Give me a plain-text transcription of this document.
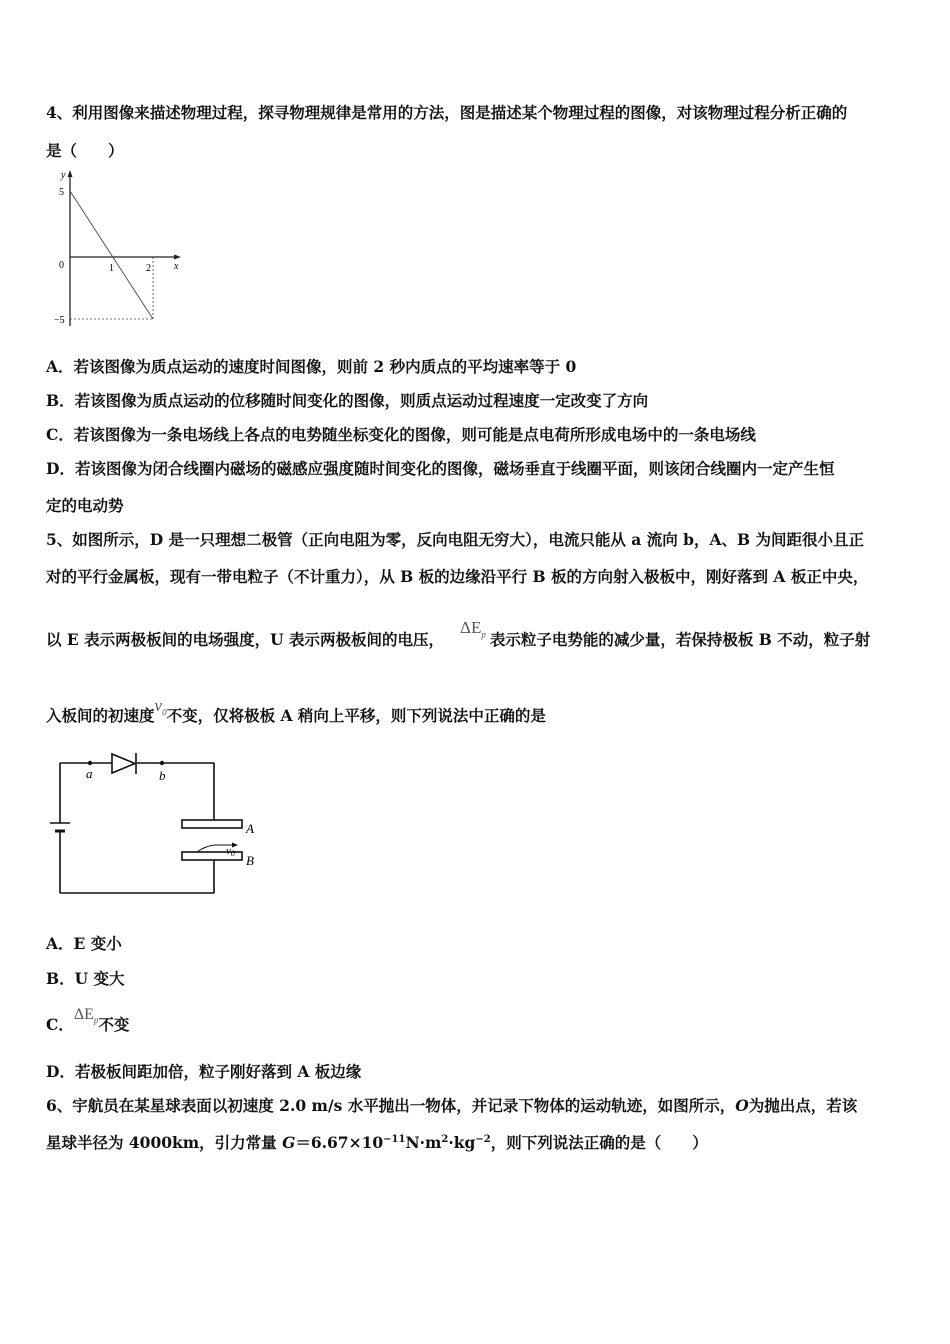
4、利用图像来描述物理过程，探寻物理规律是常用的方法，图是描述某个物理过程的图像，对该物理过程分析正确的
是（　　）
y
x
5
0	1	2
−5
A．若该图像为质点运动的速度时间图像，则前 2 秒内质点的平均速率等于 0
B．若该图像为质点运动的位移随时间变化的图像，则质点运动过程速度一定改变了方向
C．若该图像为一条电场线上各点的电势随坐标变化的图像，则可能是点电荷所形成电场中的一条电场线
D．若该图像为闭合线圈内磁场的磁感应强度随时间变化的图像，磁场垂直于线圈平面，则该闭合线圈内一定产生恒
定的电动势
5、如图所示，D 是一只理想二极管（正向电阻为零，反向电阻无穷大），电流只能从 a 流向 b，A、B 为间距很小且正
对的平行金属板，现有一带电粒子（不计重力），从 B 板的边缘沿平行 B 板的方向射入极板中，刚好落到 A 板正中央，
以 E 表示两极板间的电场强度，U 表示两极板间的电压，$\Delta E_p$ 表示粒子电势能的减少量，若保持极板 B 不动，粒子射
入板间的初速度$v_0$不变，仅将极板 A 稍向上平移，则下列说法中正确的是
a	b
A
B
v0
A．E 变小
B．U 变大
C．$\Delta E_p$不变
D．若极板间距加倍，粒子刚好落到 A 板边缘
6、宇航员在某星球表面以初速度 2.0 m/s 水平抛出一物体，并记录下物体的运动轨迹，如图所示，O为抛出点，若该
星球半径为 4000km，引力常量 $G=6.67\times 10^{-11}N\cdot m^2\cdot kg^{-2}$，则下列说法正确的是（　　）
